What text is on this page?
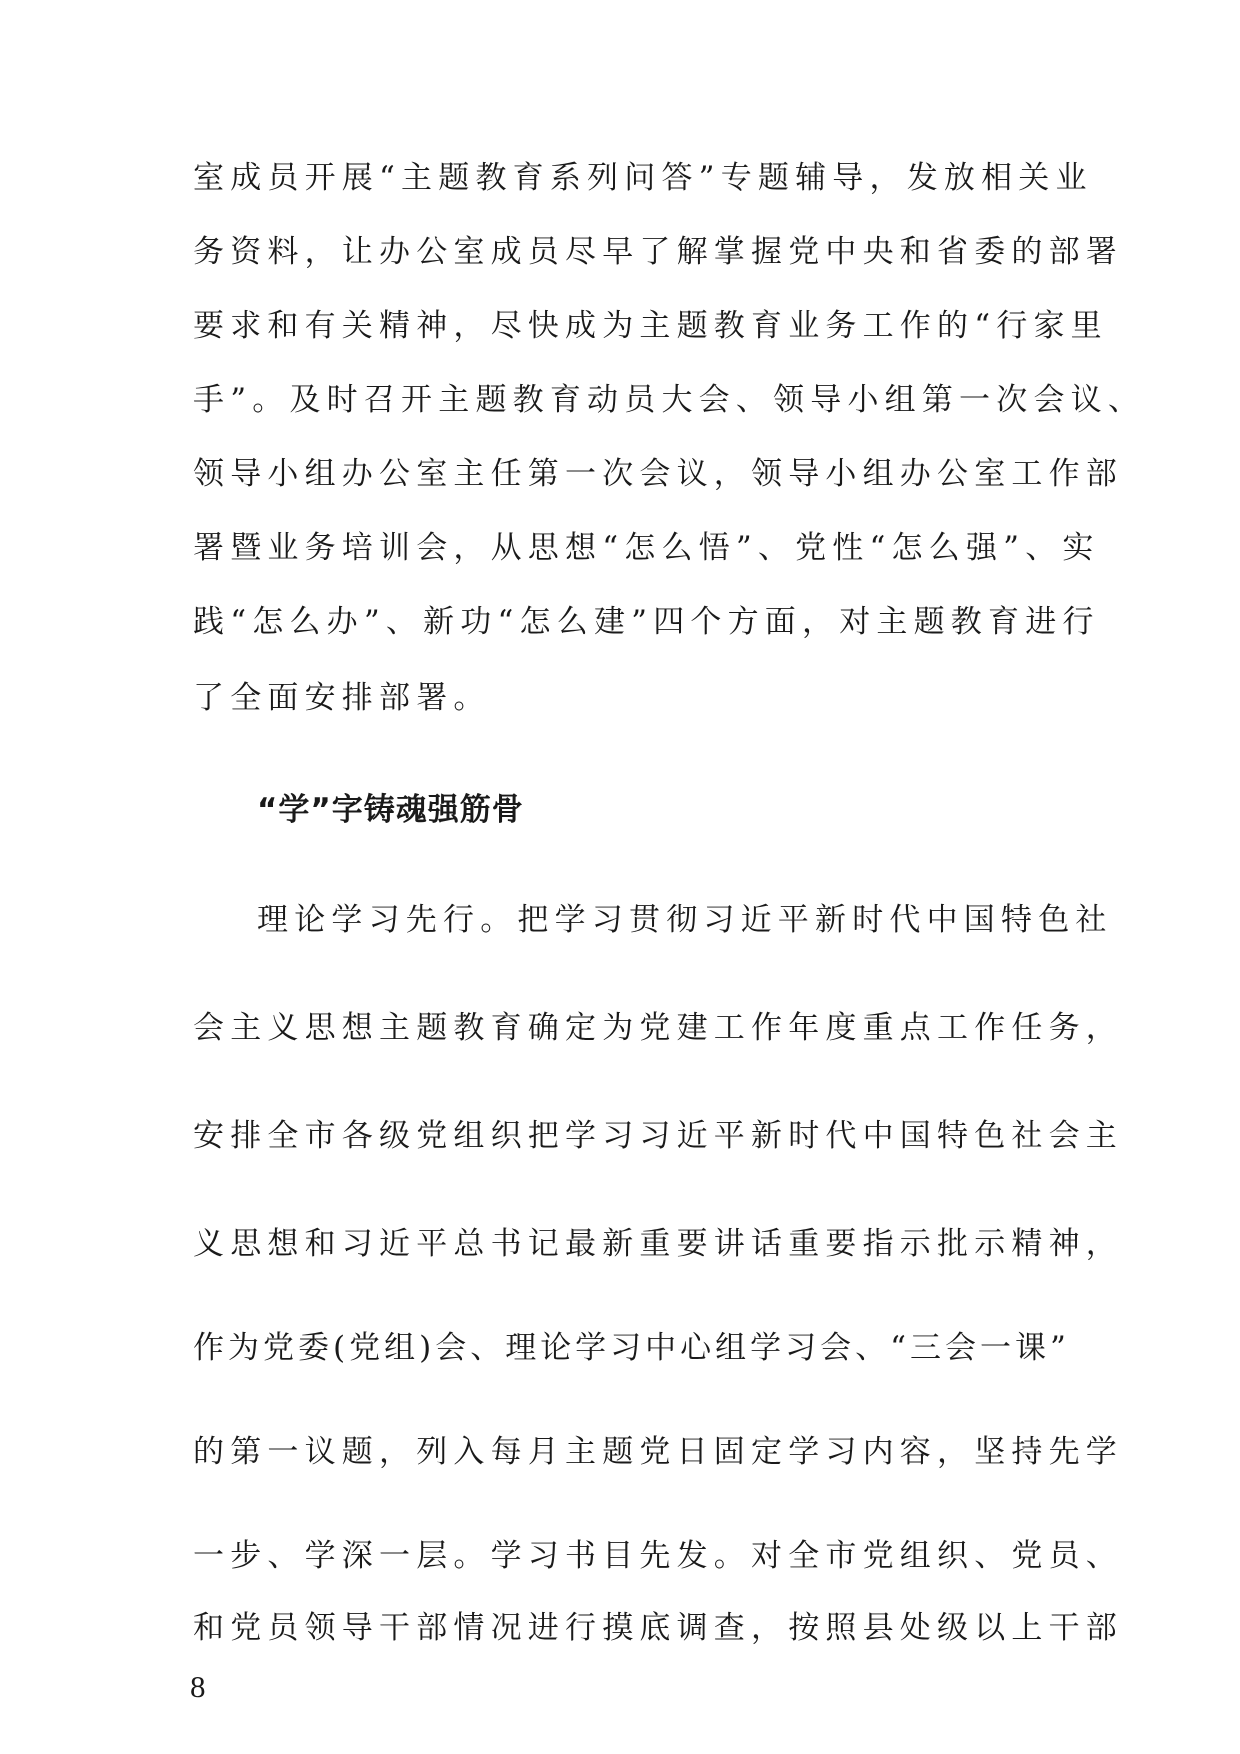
室成员开展“主题教育系列问答”专题辅导，发放相关业
务资料，让办公室成员尽早了解掌握党中央和省委的部署
要求和有关精神，尽快成为主题教育业务工作的“行家里
手”。及时召开主题教育动员大会、领导小组第一次会议、
领导小组办公室主任第一次会议，领导小组办公室工作部
署暨业务培训会，从思想“怎么悟”、党性“怎么强”、实
践“怎么办”、新功“怎么建”四个方面，对主题教育进行
了全面安排部署。
“学”字铸魂强筋骨
理论学习先行。把学习贯彻习近平新时代中国特色社
会主义思想主题教育确定为党建工作年度重点工作任务，
安排全市各级党组织把学习习近平新时代中国特色社会主
义思想和习近平总书记最新重要讲话重要指示批示精神，
作为党委(党组)会、理论学习中心组学习会、“三会一课”
的第一议题，列入每月主题党日固定学习内容，坚持先学
一步、学深一层。学习书目先发。对全市党组织、党员、
和党员领导干部情况进行摸底调查，按照县处级以上干部
8
